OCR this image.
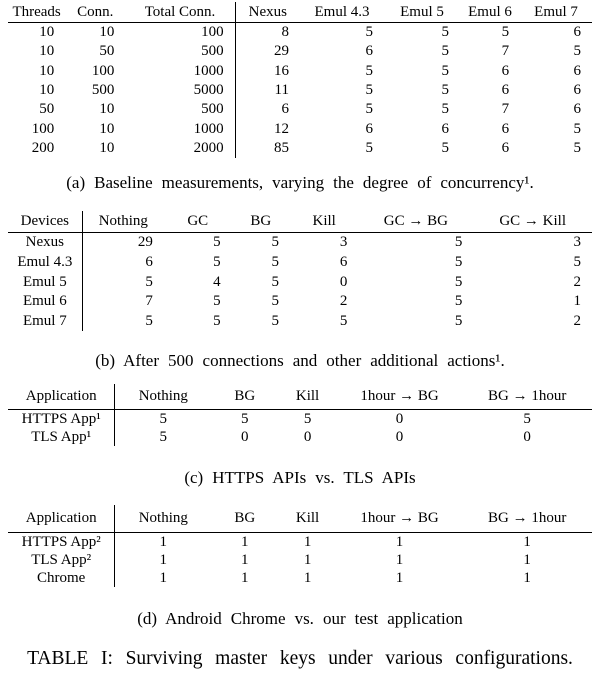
Threads	Conn.	Total Conn.	Nexus	Emul 4.3	Emul 5	Emul 6	Emul 7
10	10	100	8	5	5	5	6
10	50	500	29	6	5	7	5
10	100	1000	16	5	5	6	6
10	500	5000	11	5	5	6	6
50	10	500	6	5	5	7	6
100	10	1000	12	6	6	6	5
200	10	2000	85	5	5	6	5
(a) Baseline measurements, varying the degree of concurrency¹.
Devices	Nothing	GC	BG	Kill	GC → BG	GC → Kill
Nexus	29	5	5	3	5	3
Emul 4.3	6	5	5	6	5	5
Emul 5	5	4	5	0	5	2
Emul 6	7	5	5	2	5	1
Emul 7	5	5	5	5	5	2
(b) After 500 connections and other additional actions¹.
Application	Nothing	BG	Kill	1hour → BG	BG → 1hour
HTTPS App¹	5	5	5	0	5
TLS App¹	5	0	0	0	0
(c) HTTPS APIs vs. TLS APIs
Application	Nothing	BG	Kill	1hour → BG	BG → 1hour
HTTPS App²	1	1	1	1	1
TLS App²	1	1	1	1	1
Chrome	1	1	1	1	1
(d) Android Chrome vs. our test application
TABLE I: Surviving master keys under various configurations.
